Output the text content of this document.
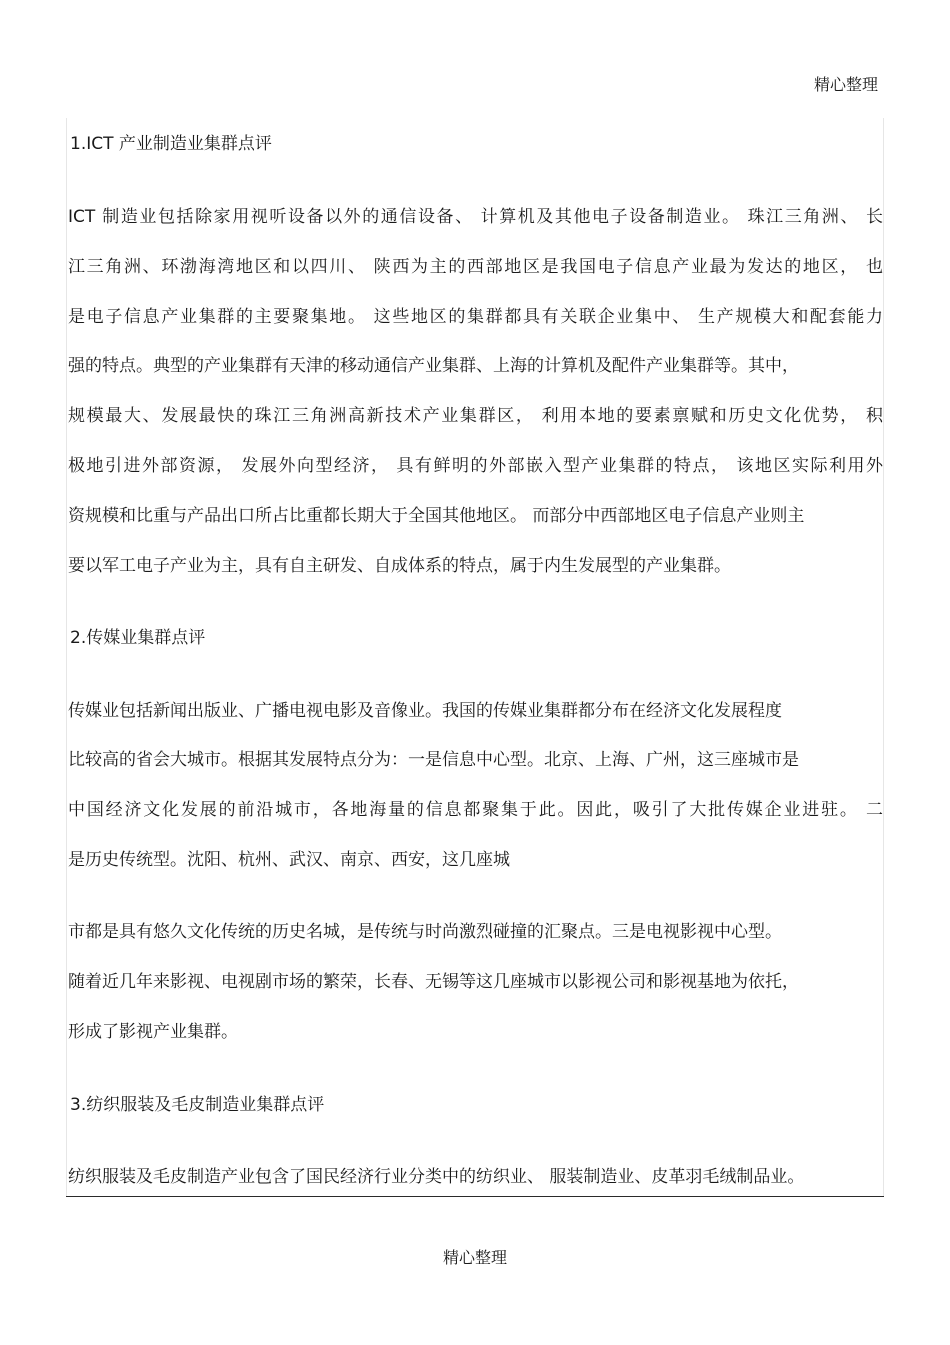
精心整理
1.ICT 产业制造业集群点评
ICT 制造业包括除家用视听设备以外的通信设备、 计算机及其他电子设备制造业。 珠江三角洲、 长
江三角洲、环渤海湾地区和以四川、 陕西为主的西部地区是我国电子信息产业最为发达的地区， 也
是电子信息产业集群的主要聚集地。 这些地区的集群都具有关联企业集中、 生产规模大和配套能力
强的特点。典型的产业集群有天津的移动通信产业集群、上海的计算机及配件产业集群等。其中，
规模最大、发展最快的珠江三角洲高新技术产业集群区， 利用本地的要素禀赋和历史文化优势， 积
极地引进外部资源， 发展外向型经济， 具有鲜明的外部嵌入型产业集群的特点， 该地区实际利用外
资规模和比重与产品出口所占比重都长期大于全国其他地区。 而部分中西部地区电子信息产业则主
要以军工电子产业为主，具有自主研发、自成体系的特点，属于内生发展型的产业集群。
2.传媒业集群点评
传媒业包括新闻出版业、广播电视电影及音像业。我国的传媒业集群都分布在经济文化发展程度
比较高的省会大城市。根据其发展特点分为：一是信息中心型。北京、上海、广州，这三座城市是
中国经济文化发展的前沿城市，各地海量的信息都聚集于此。因此，吸引了大批传媒企业进驻。 二
是历史传统型。沈阳、杭州、武汉、南京、西安，这几座城
市都是具有悠久文化传统的历史名城，是传统与时尚激烈碰撞的汇聚点。三是电视影视中心型。
随着近几年来影视、电视剧市场的繁荣，长春、无锡等这几座城市以影视公司和影视基地为依托，
形成了影视产业集群。
3.纺织服装及毛皮制造业集群点评
纺织服装及毛皮制造产业包含了国民经济行业分类中的纺织业、 服装制造业、皮革羽毛绒制品业。
精心整理
